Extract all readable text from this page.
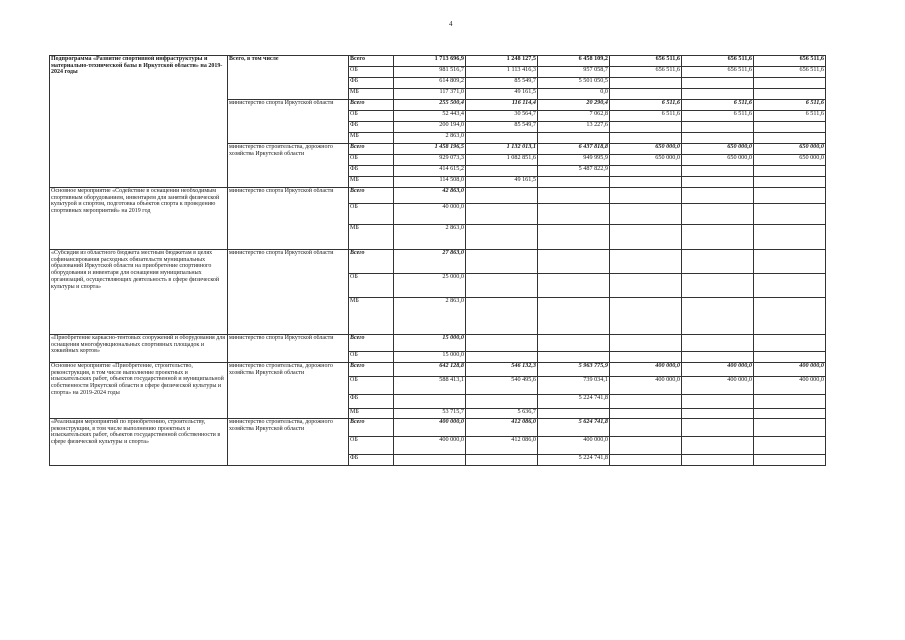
4
Подпрограмма «Развитие спортивной инфраструктуры и материально-технической базы в Иркутской области» на 2019-2024 годы	Всего, в том числе	Всего	1 713 696,9	1 248 127,5	6 458 109,2	656 511,6	656 511,6	656 511,6
		ОБ	981 516,7	1 113 416,3	957 058,7	656 511,6	656 511,6	656 511,6
		ФБ	614 809,2	85 549,7	5 501 050,5			
		МБ	117 371,0	49 161,5	0,0			
	министерство спорта Иркутской области	Всего	255 500,4	116 114,4	20 290,4	6 511,6	6 511,6	6 511,6
		ОБ	52 443,4	30 564,7	7 062,8	6 511,6	6 511,6	6 511,6
		ФБ	200 194,0	85 549,7	13 227,6			
		МБ	2 863,0					
	министерство строительства, дорожного хозяйства Иркутской области	Всего	1 458 196,5	1 132 013,1	6 437 818,8	650 000,0	650 000,0	650 000,0
		ОБ	929 073,3	1 082 851,6	949 995,9	650 000,0	650 000,0	650 000,0
		ФБ	414 615,2		5 487 822,9			
		МБ	114 508,0	49 161,5				
Основное мероприятие «Содействие в оснащении необходимым спортивным оборудованием, инвентарем для занятий физической культурой и спортом, подготовка объектов спорта к проведению спортивных мероприятий» на 2019 год	министерство спорта Иркутской области	Всего	42 863,0					
		ОБ	40 000,0					
		МБ	2 863,0					
«Субсидия из областного бюджета местным бюджетам в целях софинансирования расходных обязательств муниципальных образований Иркутской области на приобретение спортивного оборудования и инвентаря для оснащения муниципальных организаций, осуществляющих деятельность в сфере физической культуры и спорта»	министерство спорта Иркутской области	Всего	27 863,0					
		ОБ	25 000,0					
		МБ	2 863,0					
«Приобретение каркасно-тентовых сооружений и оборудования для оснащения многофункциональных спортивных площадок и хоккейных кортов»	министерство спорта Иркутской области	Всего	15 000,0					
		ОБ	15 000,0					
Основное мероприятие «Приобретение, строительство, реконструкция, в том числе выполнение проектных и изыскательских работ, объектов государственной и муниципальной собственности Иркутской области в сфере физической культуры и спорта» на 2019-2024 годы	министерство строительства, дорожного хозяйства Иркутской области	Всего	642 128,8	546 132,3	5 963 775,9	400 000,0	400 000,0	400 000,0
		ОБ	588 413,1	540 495,6	739 034,1	400 000,0	400 000,0	400 000,0
		ФБ			5 224 741,8			
		МБ	53 715,7	5 636,7				
«Реализация мероприятий по приобретению, строительству, реконструкции, в том числе выполнению проектных и изыскательских работ, объектов государственной собственности в сфере физической культуры и спорта»	министерство строительства, дорожного хозяйства Иркутской области	Всего	400 000,0	412 086,0	5 624 741,8			
		ОБ	400 000,0	412 086,0	400 000,0			
		ФБ			5 224 741,8			
